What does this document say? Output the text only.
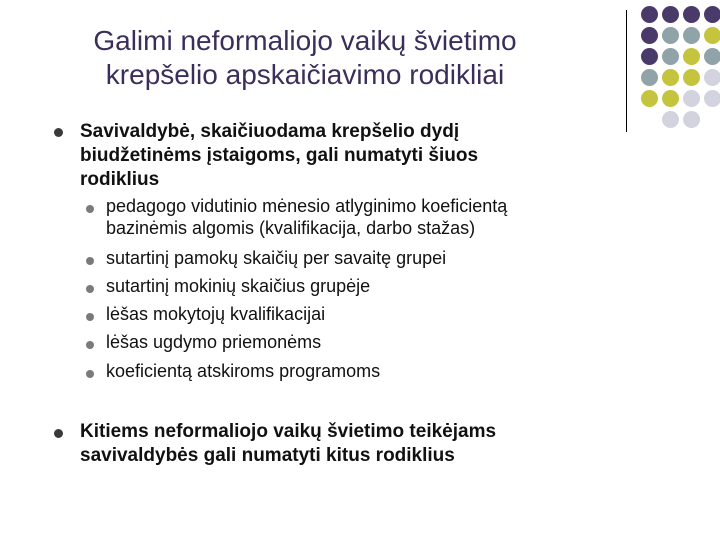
Galimi neformaliojo vaikų švietimo
krepšelio apskaičiavimo rodikliai
Savivaldybė, skaičiuodama krepšelio dydį
biudžetinėms įstaigoms, gali numatyti šiuos
rodiklius
pedagogo vidutinio mėnesio atlyginimo koeficientą
bazinėmis algomis (kvalifikacija, darbo stažas)
sutartinį pamokų skaičių per savaitę grupei
sutartinį mokinių skaičius grupėje
lėšas mokytojų kvalifikacijai
lėšas ugdymo priemonėms
koeficientą atskiroms programoms
Kitiems neformaliojo vaikų švietimo teikėjams
savivaldybės gali numatyti kitus rodiklius
